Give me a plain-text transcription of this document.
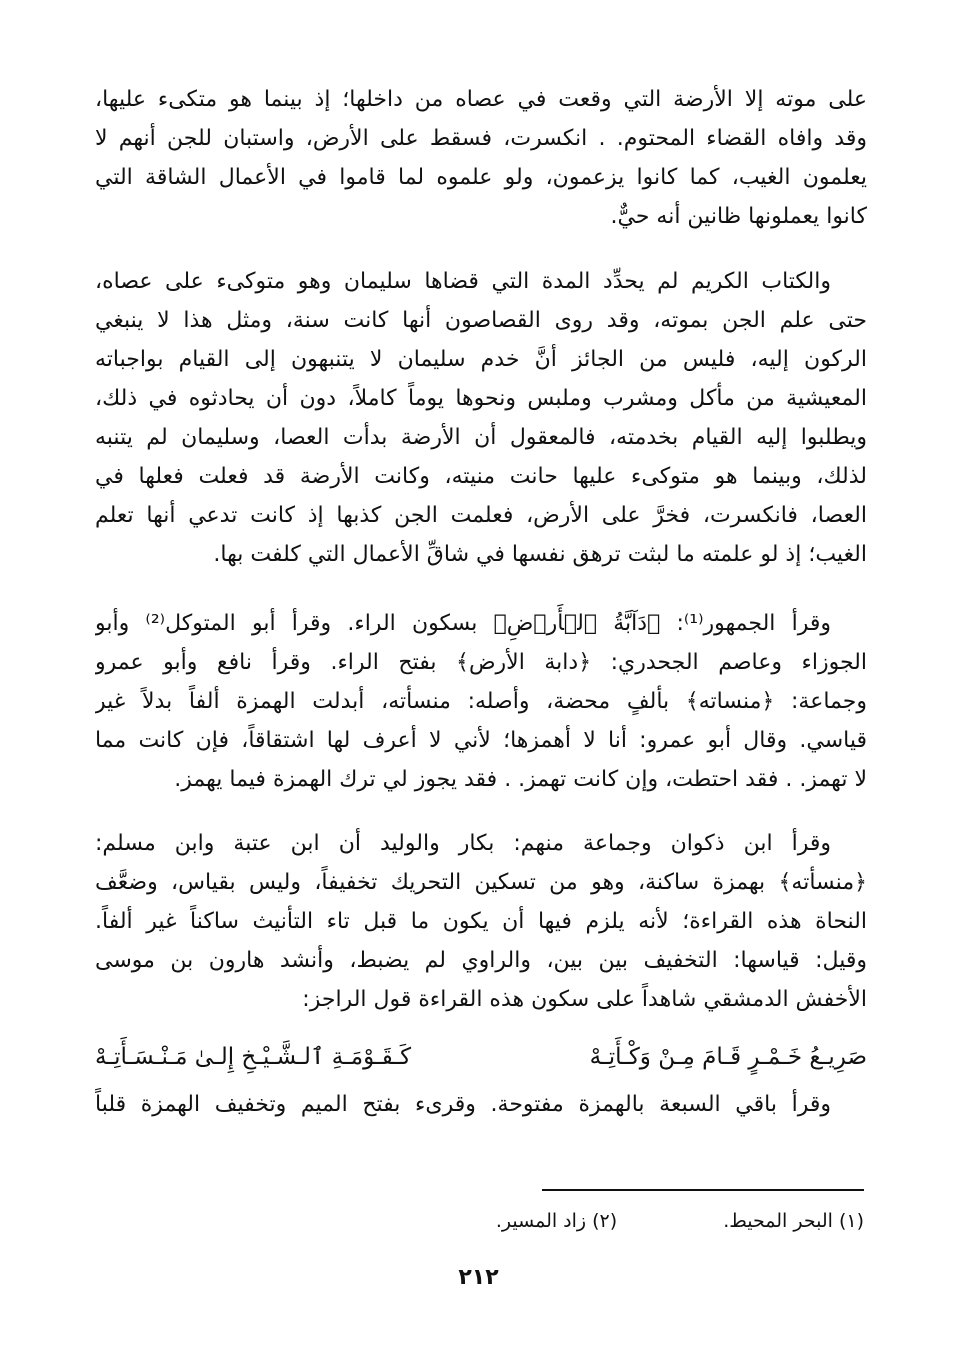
على موته إلا الأرضة التي وقعت في عصاه من داخلها؛ إذ بينما هو متكىء عليها،
وقد وافاه القضاء المحتوم. . انكسرت، فسقط على الأرض، واستبان للجن أنهم لا
يعلمون الغيب، كما كانوا يزعمون، ولو علموه لما قاموا في الأعمال الشاقة التي
كانوا يعملونها ظانين أنه حيٌّ.
والكتاب الكريم لم يحدِّد المدة التي قضاها سليمان وهو متوكىء على عصاه،
حتى علم الجن بموته، وقد روى القصاصون أنها كانت سنة، ومثل هذا لا ينبغي
الركون إليه، فليس من الجائز أنَّ خدم سليمان لا يتنبهون إلى القيام بواجباته
المعيشية من مأكل ومشرب وملبس ونحوها يوماً كاملاً، دون أن يحادثوه في ذلك،
ويطلبوا إليه القيام بخدمته، فالمعقول أن الأرضة بدأت العصا، وسليمان لم يتنبه
لذلك، وبينما هو متوكىء عليها حانت منيته، وكانت الأرضة قد فعلت فعلها في
العصا، فانكسرت، فخرَّ على الأرض، فعلمت الجن كذبها إذ كانت تدعي أنها تعلم
الغيب؛ إذ لو علمته ما لبثت ترهق نفسها في شاقِّ الأعمال التي كلفت بها.
وقرأ الجمهور⁽¹⁾: ﴿دَآبَّةُ ٱلۡأَرۡضِ﴾ بسكون الراء. وقرأ أبو المتوكل⁽²⁾ وأبو
الجوزاء وعاصم الجحدري: ﴿دابة الأرض﴾ بفتح الراء. وقرأ نافع وأبو عمرو
وجماعة: ﴿منساته﴾ بألفٍ محضة، وأصله: منسأته، أبدلت الهمزة ألفاً بدلاً غير
قياسي. وقال أبو عمرو: أنا لا أهمزها؛ لأني لا أعرف لها اشتقاقاً، فإن كانت مما
لا تهمز. . فقد احتطت، وإن كانت تهمز. . فقد يجوز لي ترك الهمزة فيما يهمز.
وقرأ ابن ذكوان وجماعة منهم: بكار والوليد أن ابن عتبة وابن مسلم:
﴿منسأته﴾ بهمزة ساكنة، وهو من تسكين التحريك تخفيفاً، وليس بقياس، وضعَّف
النحاة هذه القراءة؛ لأنه يلزم فيها أن يكون ما قبل تاء التأنيث ساكناً غير ألفاً.
وقيل: قياسها: التخفيف بين بين، والراوي لم يضبط، وأنشد هارون بن موسى
الأخفش الدمشقي شاهداً على سكون هذه القراءة قول الراجز:
صَرِيـعُ خَـمْـرٍ قَـامَ مِـنْ وَكْـأَتِـهْ
كَـقَـوْمَـةِ ٱلـشَّـيْـخِ إِلـىٰ مَـنْـسَـأَتِـهْ
وقرأ باقي السبعة بالهمزة مفتوحة. وقرىء بفتح الميم وتخفيف الهمزة قلباً
(١) البحر المحيط.
(٢) زاد المسير.
٢١٢
